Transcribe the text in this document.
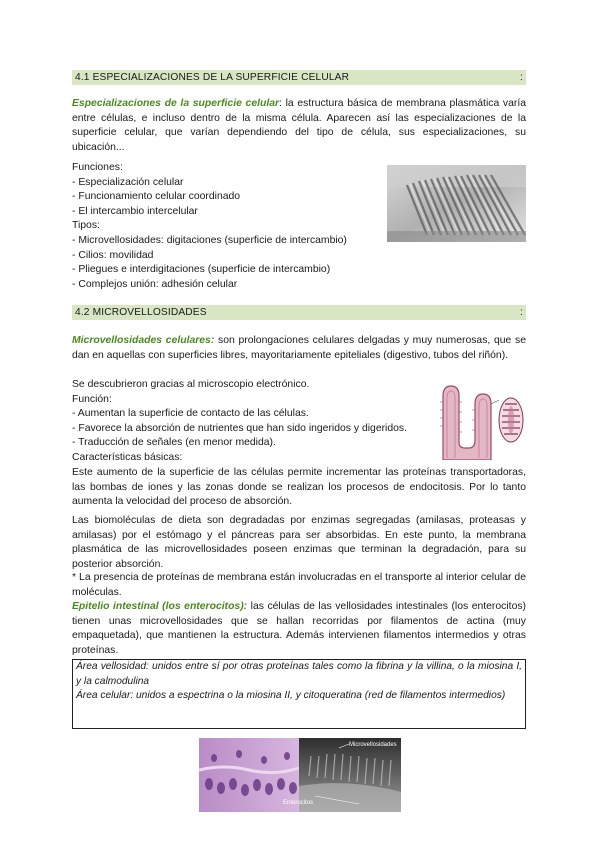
4.1 ESPECIALIZACIONES DE LA SUPERFICIE CELULAR	:
Especializaciones de la superficie celular: la estructura básica de membrana plasmática varía entre células, e incluso dentro de la misma célula. Aparecen así las especializaciones de la superficie celular, que varían dependiendo del tipo de célula, sus especializaciones, su ubicación...
Funciones:
- Especialización celular
- Funcionamiento celular coordinado
- El intercambio intercelular
Tipos:
- Microvellosidades: digitaciones (superficie de intercambio)
- Cilios: movilidad
- Pliegues e interdigitaciones (superficie de intercambio)
- Complejos unión: adhesión celular
4.2 MICROVELLOSIDADES	:
Microvellosidades celulares: son prolongaciones celulares delgadas y muy numerosas, que se dan en aquellas con superficies libres, mayoritariamente epiteliales (digestivo, tubos del riñón).
Se descubrieron gracias al microscopio electrónico.
Función:
- Aumentan la superficie de contacto de las células.
- Favorece la absorción de nutrientes que han sido ingeridos y digeridos.
- Traducción de señales (en menor medida).
Características básicas:
Este aumento de la superficie de las células permite incrementar las proteínas transportadoras, las bombas de iones y las zonas donde se realizan los procesos de endocitosis. Por lo tanto aumenta la velocidad del proceso de absorción.
Las biomoléculas de dieta son degradadas por enzimas segregadas (amilasas, proteasas y amilasas) por el estómago y el páncreas para ser absorbidas. En este punto, la membrana plasmática de las microvellosidades poseen enzimas que terminan la degradación, para su posterior absorción.
* La presencia de proteínas de membrana están involucradas en el transporte al interior celular de moléculas.
Epitelio intestinal (los enterocitos): las células de las vellosidades intestinales (los enterocitos) tienen unas microvellosidades que se hallan recorridas por filamentos de actina (muy empaquetada), que mantienen la estructura. Además intervienen filamentos intermedios y otras proteínas.

Área vellosidad: unidos entre sí por otras proteínas tales como la fibrina y la villina, o la miosina I, y la calmodulina

Área celular: unidos a espectrina o la miosina II, y citoqueratina (red de filamentos intermedios)

Microvellosidades
Enterocitos
